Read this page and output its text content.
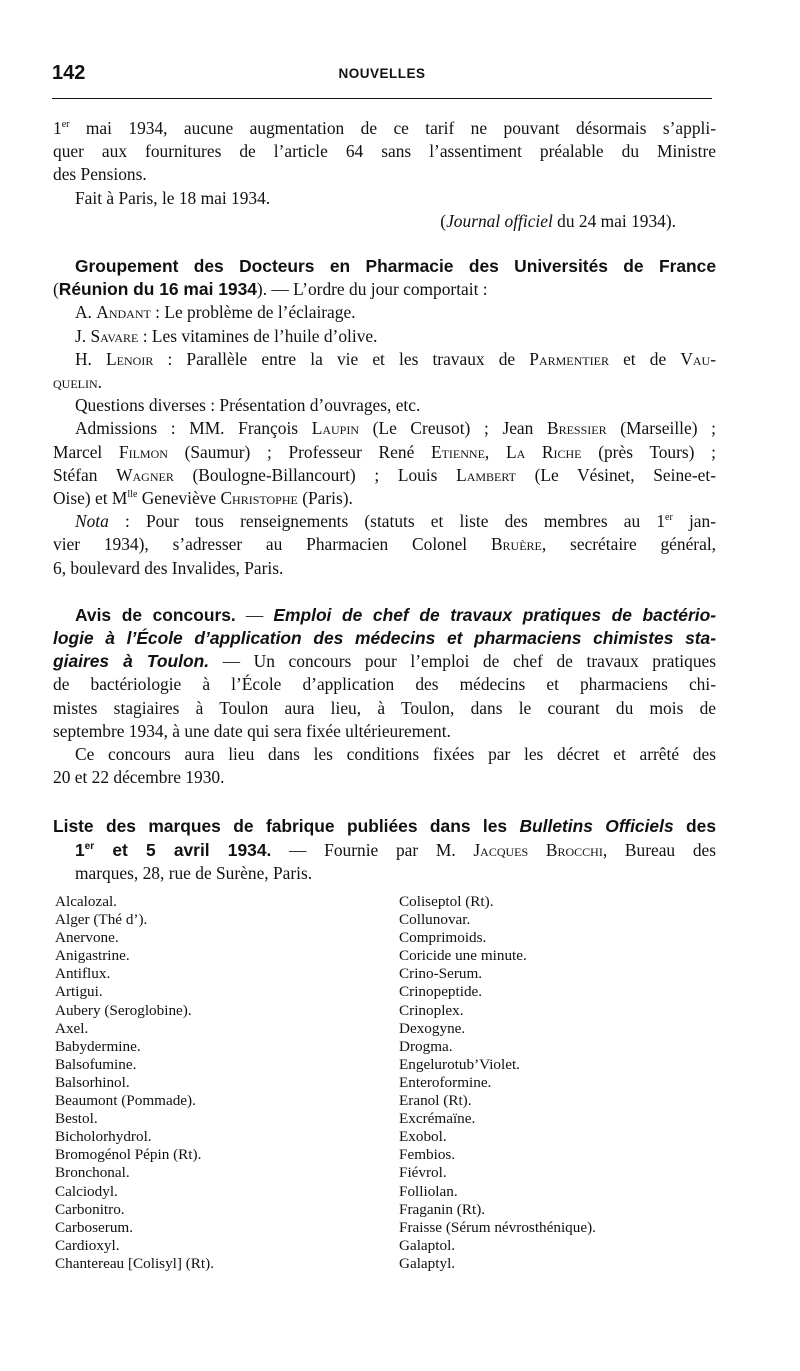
142	NOUVELLES

1er mai 1934, aucune augmentation de ce tarif ne pouvant désormais s’appli-

quer aux fournitures de l’article 64 sans l’assentiment préalable du Ministre

des Pensions.

Fait à Paris, le 18 mai 1934.

(Journal officiel du 24 mai 1934).

Groupement des Docteurs en Pharmacie des Universités de France

(Réunion du 16 mai 1934). — L’ordre du jour comportait :

A. Andant : Le problème de l’éclairage.

J. Savare : Les vitamines de l’huile d’olive.

H. Lenoir : Parallèle entre la vie et les travaux de Parmentier et de Vau-

quelin.

Questions diverses : Présentation d’ouvrages, etc.

Admissions : MM. François Laupin (Le Creusot) ; Jean Bressier (Marseille) ;

Marcel Filmon (Saumur) ; Professeur René Etienne, La Riche (près Tours) ;

Stéfan Wagner (Boulogne-Billancourt) ; Louis Lambert (Le Vésinet, Seine-et-

Oise) et $M^{lle}$ Geneviève Christophe (Paris).

Nota : Pour tous renseignements (statuts et liste des membres au 1er jan-

vier 1934), s’adresser au Pharmacien Colonel Bruère, secrétaire général,

6, boulevard des Invalides, Paris.

Avis de concours. — Emploi de chef de travaux pratiques de bactério-

logie à l’École d’application des médecins et pharmaciens chimistes sta-

giaires à Toulon. — Un concours pour l’emploi de chef de travaux pratiques

de bactériologie à l’École d’application des médecins et pharmaciens chi-

mistes stagiaires à Toulon aura lieu, à Toulon, dans le courant du mois de

septembre 1934, à une date qui sera fixée ultérieurement.

Ce concours aura lieu dans les conditions fixées par les décret et arrêté des

20 et 22 décembre 1930.

Liste des marques de fabrique publiées dans les Bulletins Officiels des

1er et 5 avril 1934. — Fournie par M. Jacques Brocchi, Bureau des

marques, 28, rue de Surène, Paris.

Alcalozal.
Alger (Thé d’).
Anervone.
Anigastrine.
Antiflux.
Artigui.
Aubery (Seroglobine).
Axel.
Babydermine.
Balsofumine.
Balsorhinol.
Beaumont (Pommade).
Bestol.
Bicholorhydrol.
Bromogénol Pépin (Rt).
Bronchonal.
Calciodyl.
Carbonitro.
Carboserum.
Cardioxyl.
Chantereau [Colisyl] (Rt).
Coliseptol (Rt).
Collunovar.
Comprimoids.
Coricide une minute.
Crino-Serum.
Crinopeptide.
Crinoplex.
Dexogyne.
Drogma.
Engelurotub’Violet.
Enteroformine.
Eranol (Rt).
Excrémaïne.
Exobol.
Fembios.
Fiévrol.
Folliolan.
Fraganin (Rt).
Fraisse (Sérum névrosthénique).
Galaptol.
Galaptyl.
